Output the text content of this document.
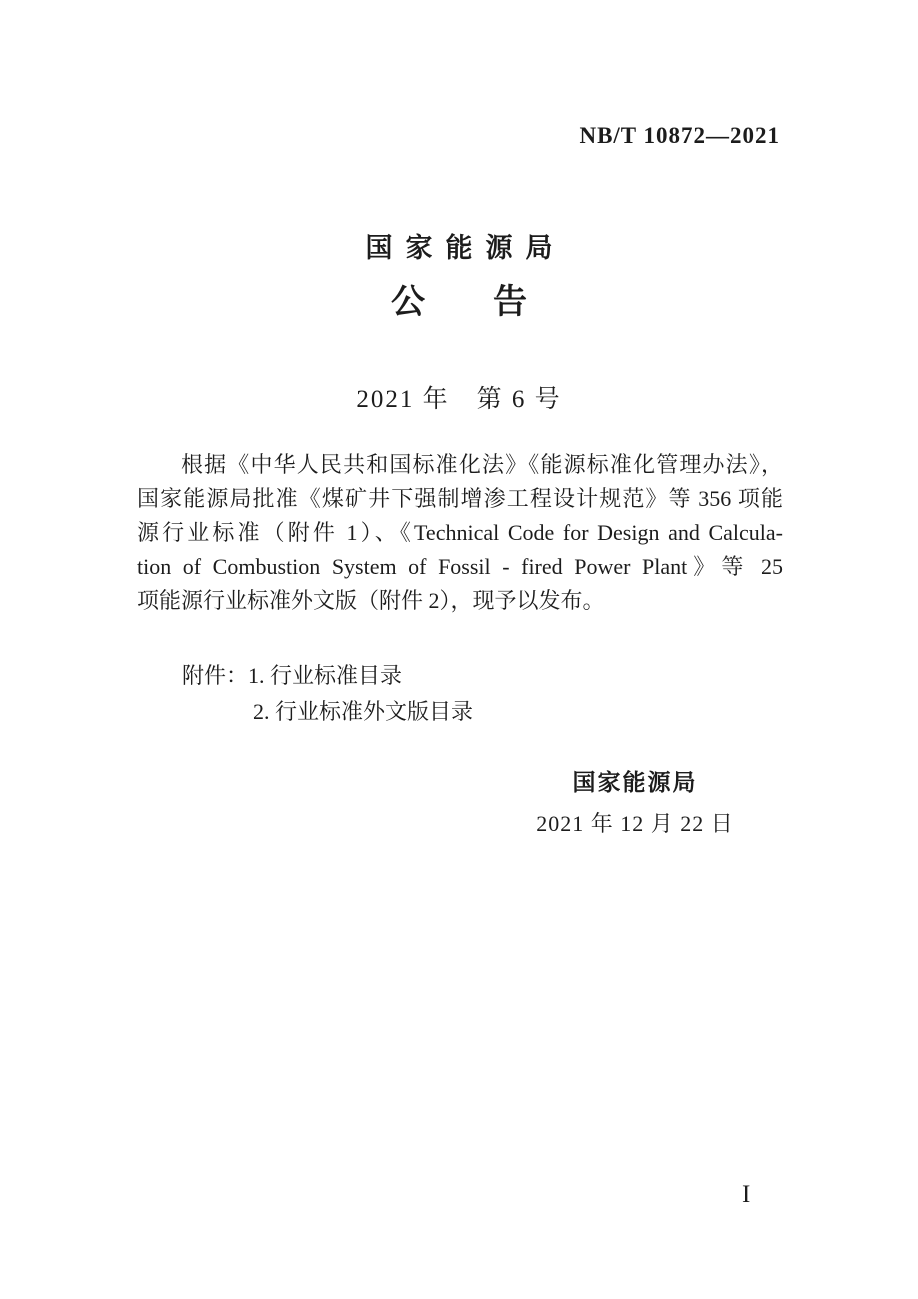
NB/T 10872—2021
国家能源局
公　　告
2021 年　第 6 号
根据《中华人民共和国标准化法》《能源标准化管理办法》，
国家能源局批准《煤矿井下强制增渗工程设计规范》等 356 项能
源行业标准（附件 1）、《Technical Code for Design and Calcula-
tion of Combustion System of Fossil - fired Power Plant》等 25
项能源行业标准外文版（附件 2），现予以发布。
附件：1. 行业标准目录
2. 行业标准外文版目录
国家能源局
2021 年 12 月 22 日
I
